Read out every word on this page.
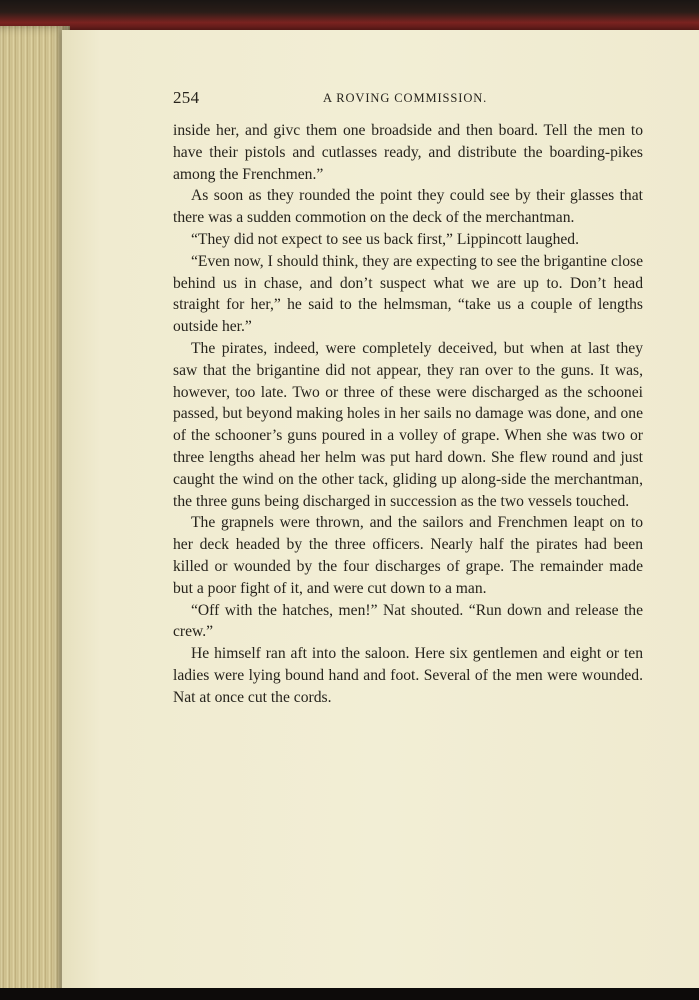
254	A ROVING COMMISSION.

inside her, and givc them one broadside and then board. Tell the men to have their pistols and cutlasses ready, and distribute the boarding-pikes among the Frenchmen.”

As soon as they rounded the point they could see by their glasses that there was a sudden commotion on the deck of the merchantman.

“They did not expect to see us back first,” Lippincott laughed.

“Even now, I should think, they are expecting to see the brigantine close behind us in chase, and don’t suspect what we are up to. Don’t head straight for her,” he said to the helmsman, “take us a couple of lengths outside her.”

The pirates, indeed, were completely deceived, but when at last they saw that the brigantine did not appear, they ran over to the guns. It was, however, too late. Two or three of these were discharged as the schoonei passed, but beyond making holes in her sails no damage was done, and one of the schooner’s guns poured in a volley of grape. When she was two or three lengths ahead her helm was put hard down. She flew round and just caught the wind on the other tack, gliding up along-side the merchantman, the three guns being discharged in succession as the two vessels touched.

The grapnels were thrown, and the sailors and Frenchmen leapt on to her deck headed by the three officers. Nearly half the pirates had been killed or wounded by the four discharges of grape. The remainder made but a poor fight of it, and were cut down to a man.

“Off with the hatches, men!” Nat shouted. “Run down and release the crew.”

He himself ran aft into the saloon. Here six gentlemen and eight or ten ladies were lying bound hand and foot. Several of the men were wounded. Nat at once cut the cords.
